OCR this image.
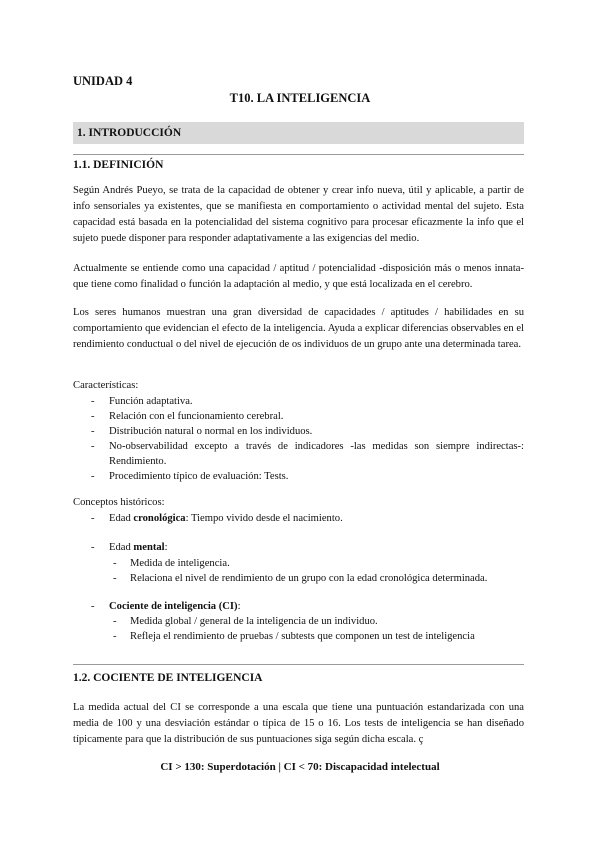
UNIDAD 4
T10. LA INTELIGENCIA
1. INTRODUCCIÓN
1.1. DEFINICIÓN

Según Andrés Pueyo, se trata de la capacidad de obtener y crear info nueva, útil y aplicable, a partir de info sensoriales ya existentes, que se manifiesta en comportamiento o actividad mental del sujeto. Esta capacidad está basada en la potencialidad del sistema cognitivo para procesar eficazmente la info que el sujeto puede disponer para responder adaptativamente a las exigencias del medio.

Actualmente se entiende como una capacidad / aptitud / potencialidad -disposición más o menos innata- que tiene como finalidad o función la adaptación al medio, y que está localizada en el cerebro.

Los seres humanos muestran una gran diversidad de capacidades / aptitudes / habilidades en su comportamiento que evidencian el efecto de la inteligencia. Ayuda a explicar diferencias observables en el rendimiento conductual o del nivel de ejecución de os individuos de un grupo ante una determinada tarea.

Características:
- Función adaptativa.
- Relación con el funcionamiento cerebral.
- Distribución natural o normal en los individuos.
- No-observabilidad excepto a través de indicadores -las medidas son siempre indirectas-: Rendimiento.
- Procedimiento típico de evaluación: Tests.
Conceptos históricos:
- Edad cronológica: Tiempo vivido desde el nacimiento.
- Edad mental:
- Medida de inteligencia.
- Relaciona el nivel de rendimiento de un grupo con la edad cronológica determinada.
- Cociente de inteligencia (CI):
- Medida global / general de la inteligencia de un individuo.
- Refleja el rendimiento de pruebas / subtests que componen un test de inteligencia
1.2. COCIENTE DE INTELIGENCIA

La medida actual del CI se corresponde a una escala que tiene una puntuación estandarizada con una media de 100 y una desviación estándar o típica de 15 o 16. Los tests de inteligencia se han diseñado típicamente para que la distribución de sus puntuaciones siga según dicha escala. ç

CI > 130: Superdotación | CI < 70: Discapacidad intelectual
